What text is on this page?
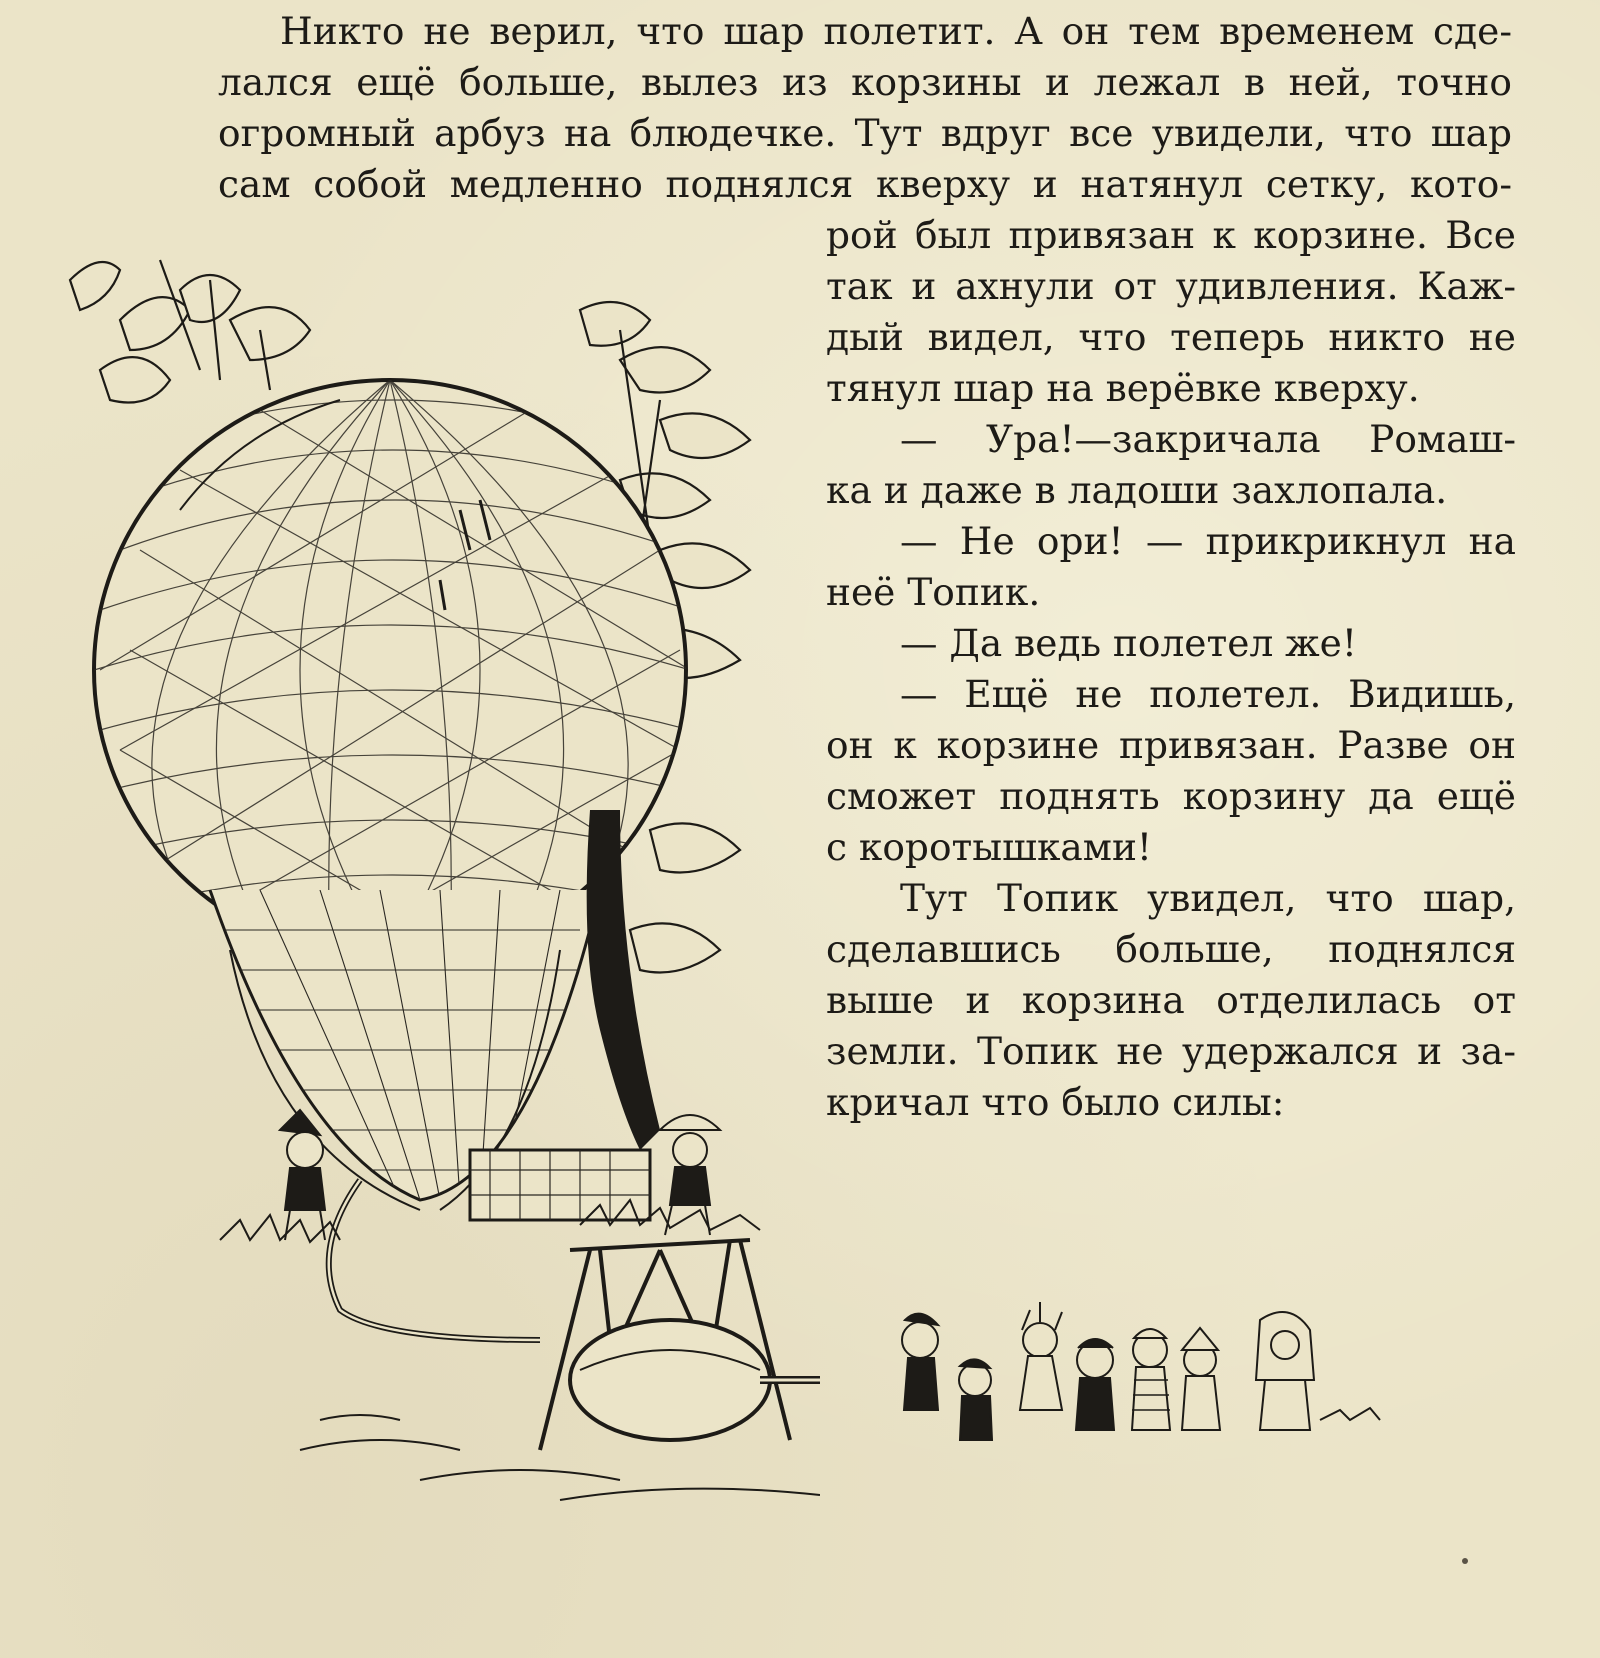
Никто не верил, что шар полетит. А он тем временем сде-
лался ещё больше, вылез из корзины и лежал в ней, точно
огромный арбуз на блюдечке. Тут вдруг все увидели, что шар
сам собой медленно поднялся кверху и натянул сетку, кото-
рой был привязан к корзине. Все
так и ахнули от удивления. Каж-
дый видел, что теперь никто не
тянул шар на верёвке кверху.
— Ура!—закричала Ромаш-
ка и даже в ладоши захлопала.
— Не ори! — прикрикнул на
неё Топик.
— Да ведь полетел же!
— Ещё не полетел. Видишь,
он к корзине привязан. Разве он
сможет поднять корзину да ещё
с коротышками!
Тут Топик увидел, что шар,
сделавшись больше, поднялся
выше и корзина отделилась от
земли. Топик не удержался и за-
кричал что было силы:
